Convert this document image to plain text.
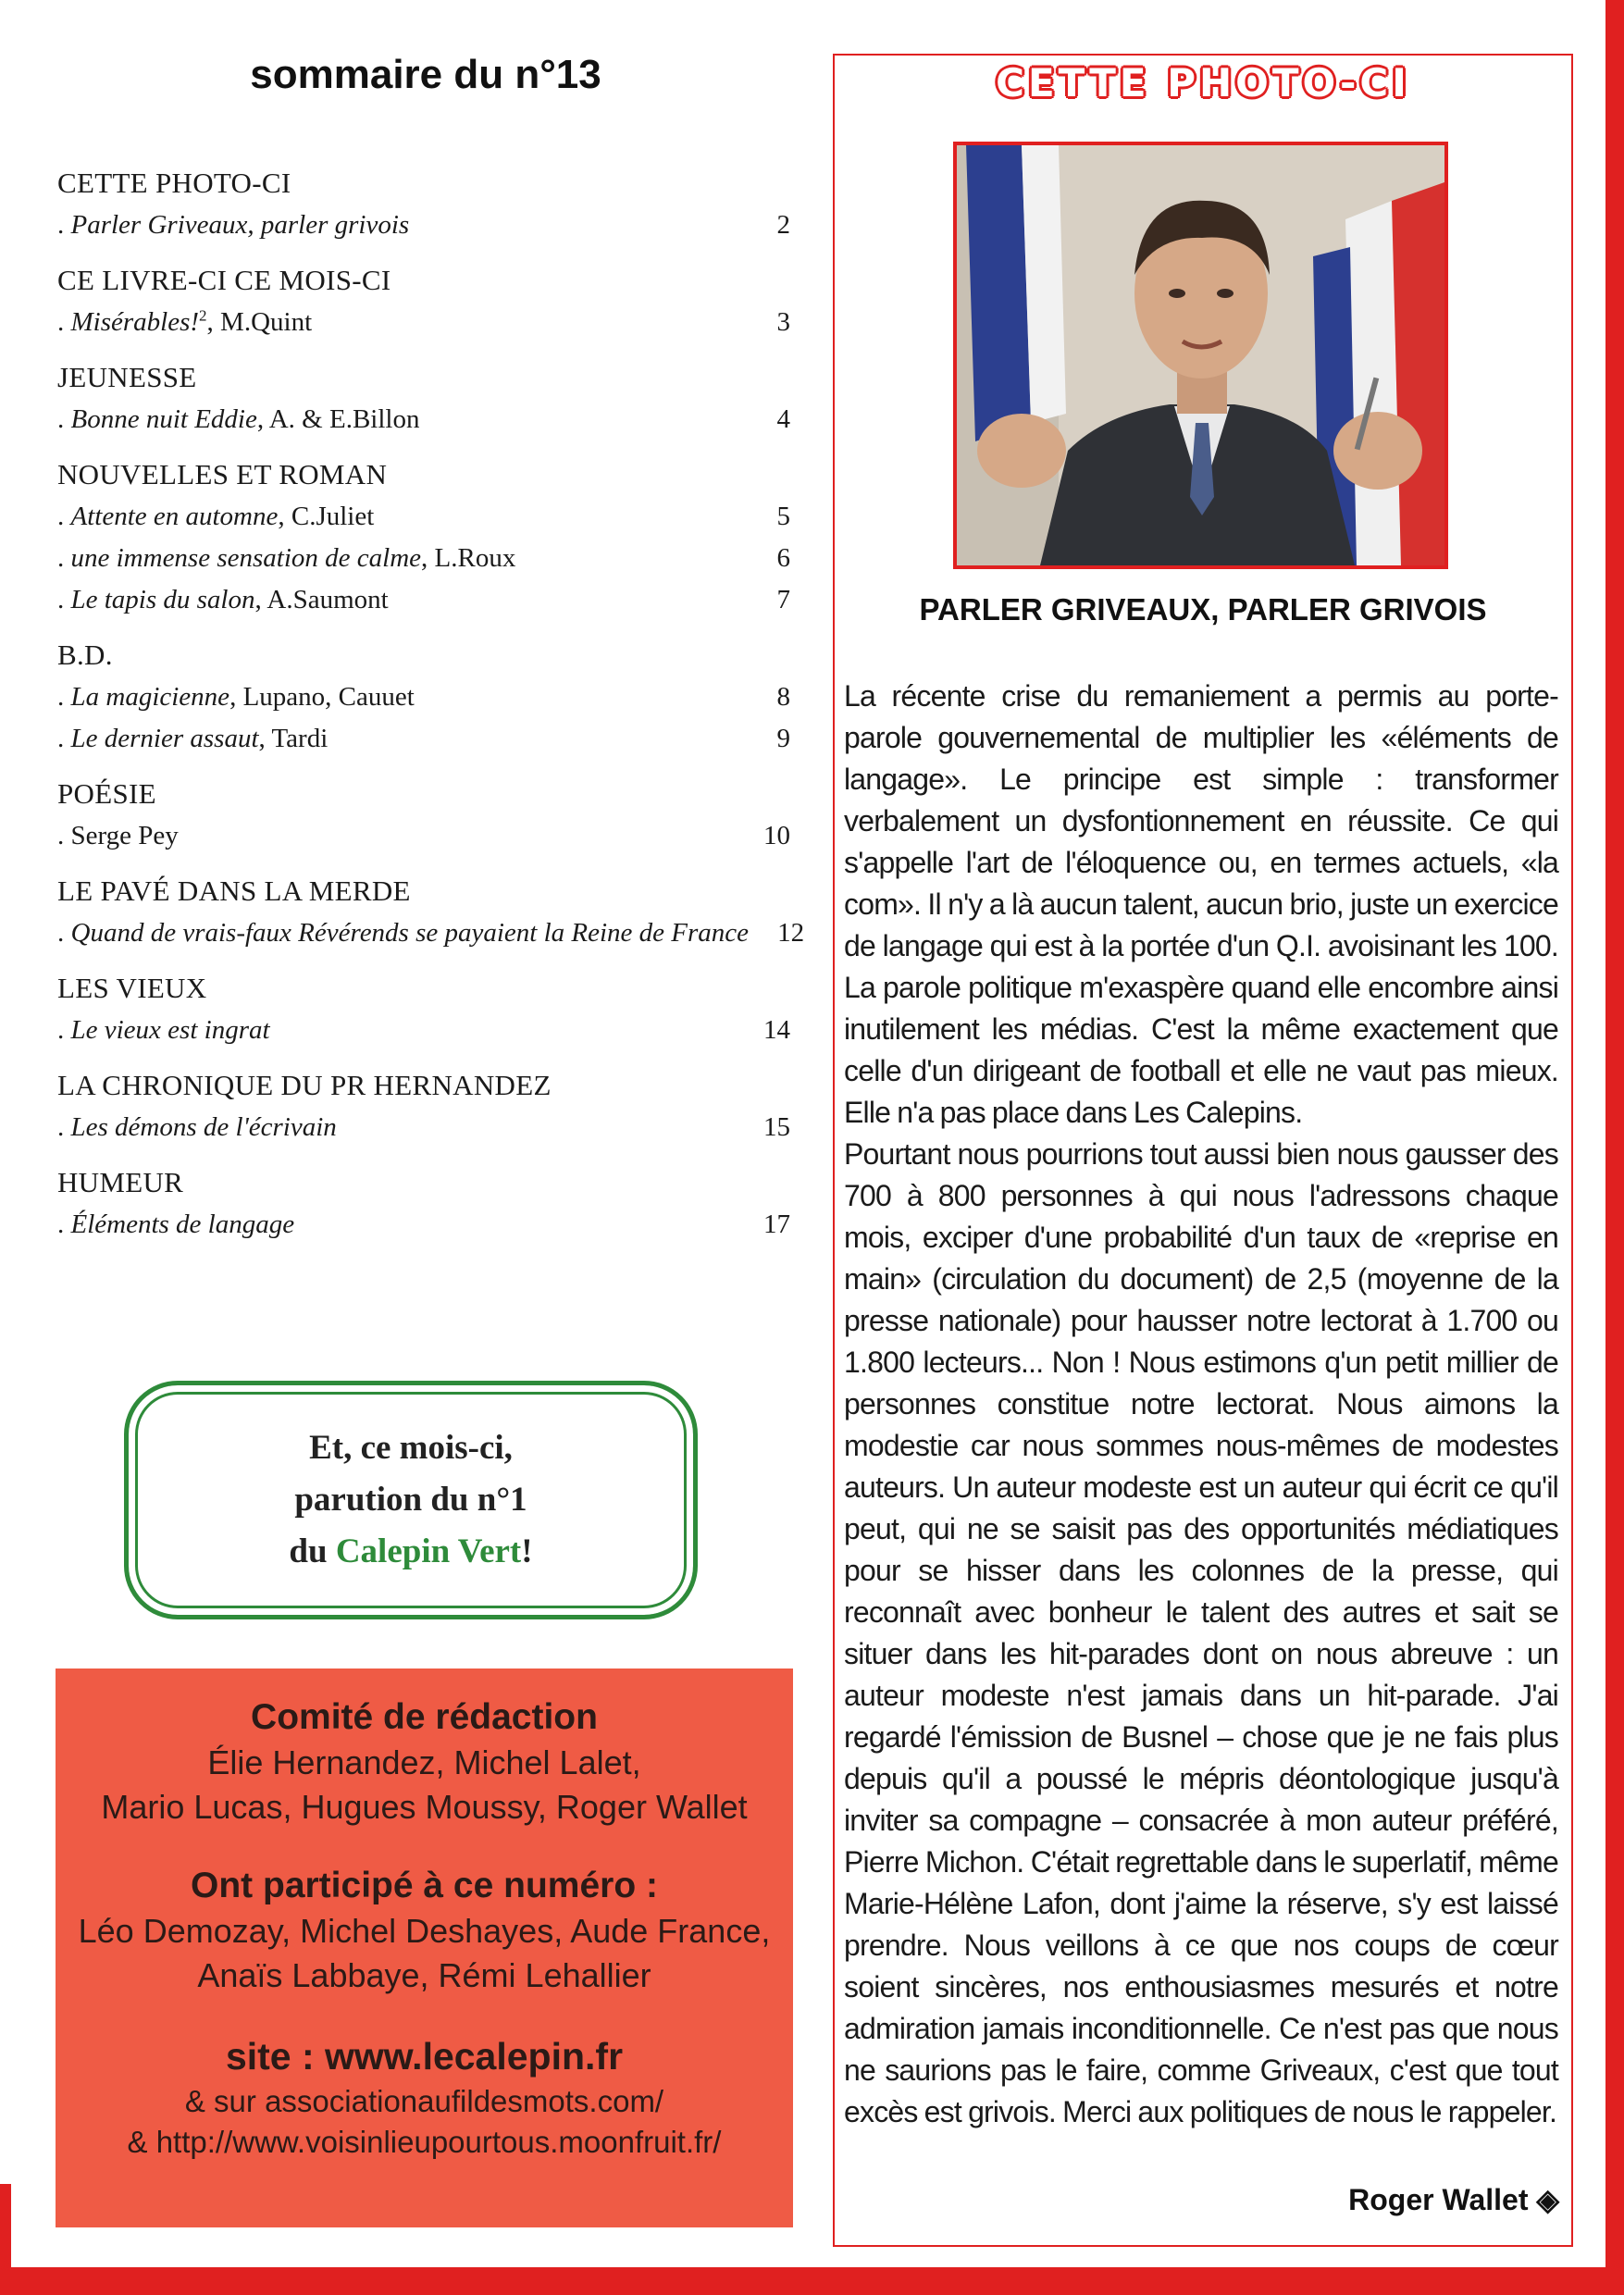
sommaire du n°13
CETTE PHOTO-CI
. Parler Griveaux, parler grivois	2
CE LIVRE-CI CE MOIS-CI
. Misérables!$^2$, M.Quint	3
JEUNESSE
. Bonne nuit Eddie, A. & E.Billon	4
NOUVELLES ET ROMAN
. Attente en automne, C.Juliet	5
. une immense sensation de calme, L.Roux	6
. Le tapis du salon, A.Saumont	7
B.D.
. La magicienne, Lupano, Cauuet	8
. Le dernier assaut, Tardi	9
POÉSIE
. Serge Pey	10
LE PAVÉ DANS LA MERDE
. Quand de vrais-faux Révérends se payaient la Reine de France	12
LES VIEUX
. Le vieux est ingrat	14
LA CHRONIQUE DU PR HERNANDEZ
. Les démons de l'écrivain	15
HUMEUR
. Éléments de langage	17
Et, ce mois-ci,
parution du n°1
du Calepin Vert!
Comité de rédaction
Élie Hernandez, Michel Lalet,
Mario Lucas, Hugues Moussy, Roger Wallet
Ont participé à ce numéro :
Léo Demozay, Michel Deshayes, Aude France,
Anaïs Labbaye, Rémi Lehallier
site : www.lecalepin.fr
& sur associationaufildesmots.com/
& http://www.voisinlieupourtous.moonfruit.fr/
CETTE PHOTO-CI
PARLER GRIVEAUX, PARLER GRIVOIS

La récente crise du remaniement a permis au porte-parole gouvernemental de multiplier les «éléments de langage». Le principe est simple : transformer verbalement un dysfontionnement en réussite. Ce qui s'appelle l'art de l'éloquence ou, en termes actuels, «la com». Il n'y a là aucun talent, aucun brio, juste un exercice de langage qui est à la portée d'un Q.I. avoisinant les 100. La parole politique m'exaspère quand elle encombre ainsi inutilement les médias. C'est la même exactement que celle d'un dirigeant de football et elle ne vaut pas mieux. Elle n'a pas place dans Les Calepins.

Pourtant nous pourrions tout aussi bien nous gausser des 700 à 800 personnes à qui nous l'adressons chaque mois, exciper d'une probabilité d'un taux de «reprise en main» (circulation du document) de 2,5 (moyenne de la presse nationale) pour hausser notre lectorat à 1.700 ou 1.800 lecteurs... Non ! Nous estimons q'un petit millier de personnes constitue notre lectorat. Nous aimons la modestie car nous sommes nous-mêmes de modestes auteurs. Un auteur modeste est un auteur qui écrit ce qu'il peut, qui ne se saisit pas des opportunités médiatiques pour se hisser dans les colonnes de la presse, qui reconnaît avec bonheur le talent des autres et sait se situer dans les hit-parades dont on nous abreuve : un auteur modeste n'est jamais dans un hit-parade. J'ai regardé l'émission de Busnel – chose que je ne fais plus depuis qu'il a poussé le mépris déontologique jusqu'à inviter sa compagne – consacrée à mon auteur préféré, Pierre Michon. C'était regrettable dans le superlatif, même Marie-Hélène Lafon, dont j'aime la réserve, s'y est laissé prendre. Nous veillons à ce que nos coups de cœur soient sincères, nos enthousiasmes mesurés et notre admiration jamais inconditionnelle. Ce n'est pas que nous ne saurions pas le faire, comme Griveaux, c'est que tout excès est grivois. Merci aux politiques de nous le rappeler.

Roger Wallet ◈
